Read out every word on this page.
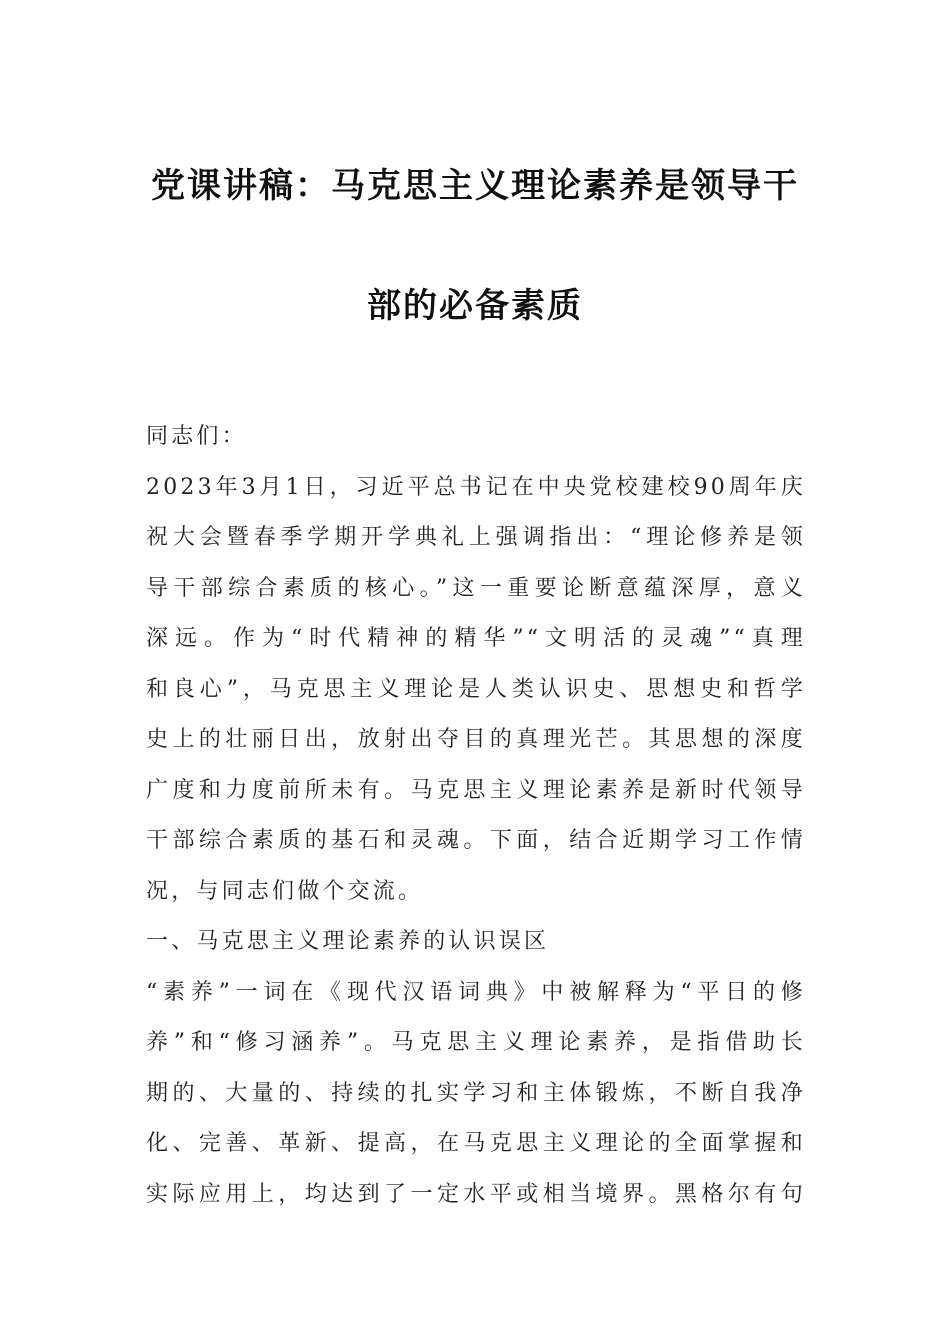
党课讲稿：马克思主义理论素养是领导干
部的必备素质
同志们：
2023年3月1日，习近平总书记在中央党校建校90周年庆
祝大会暨春季学期开学典礼上强调指出：“理论修养是领
导干部综合素质的核心。”这一重要论断意蕴深厚，意义
深远。作为“时代精神的精华”“文明活的灵魂”“真理
和良心”，马克思主义理论是人类认识史、思想史和哲学
史上的壮丽日出，放射出夺目的真理光芒。其思想的深度
广度和力度前所未有。马克思主义理论素养是新时代领导
干部综合素质的基石和灵魂。下面，结合近期学习工作情
况，与同志们做个交流。
一、马克思主义理论素养的认识误区
“素养”一词在《现代汉语词典》中被解释为“平日的修
养”和“修习涵养”。马克思主义理论素养，是指借助长
期的、大量的、持续的扎实学习和主体锻炼，不断自我净
化、完善、革新、提高，在马克思主义理论的全面掌握和
实际应用上，均达到了一定水平或相当境界。黑格尔有句
